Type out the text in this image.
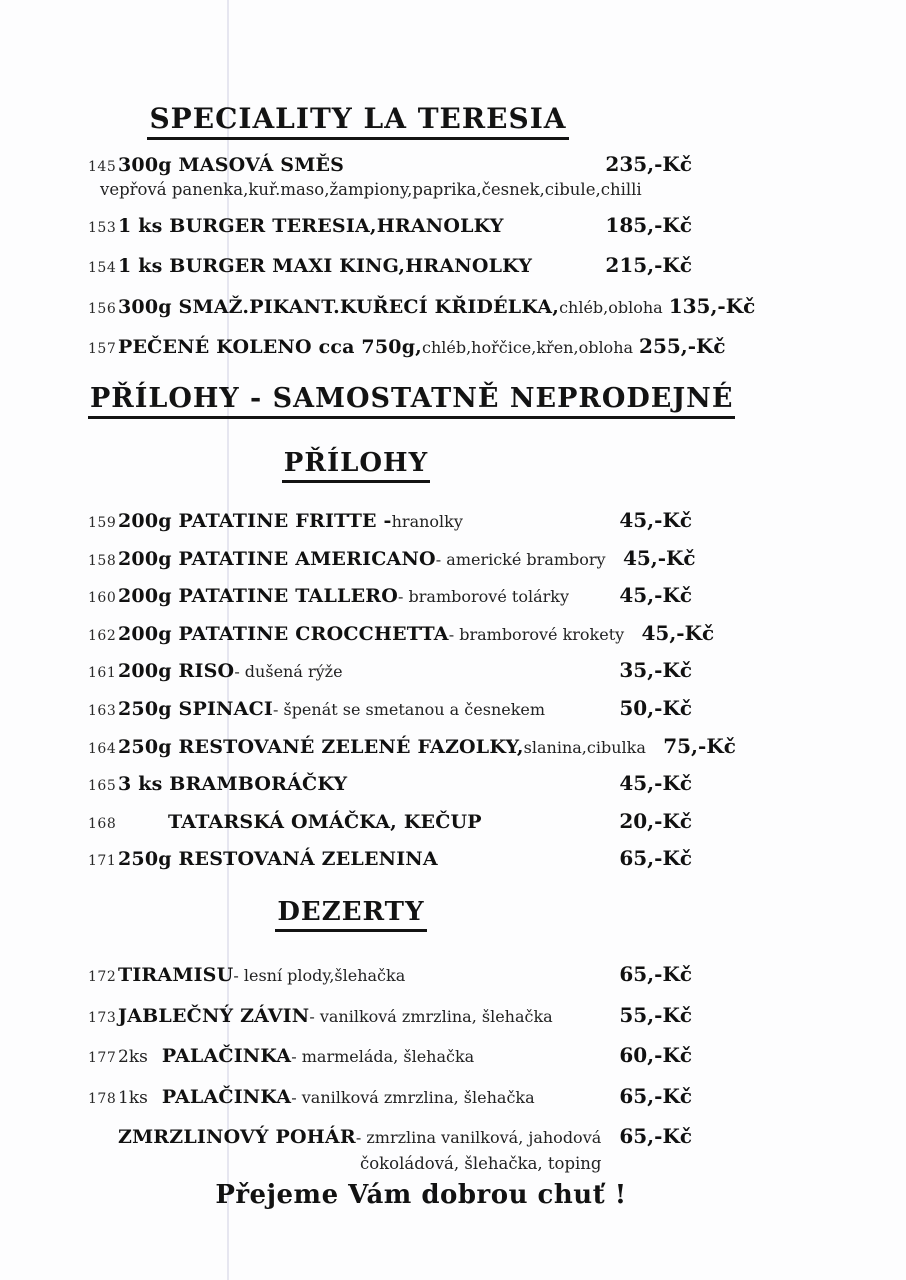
SPECIALITY LA TERESIA
145 300g MASOVÁ SMĚS	235,-Kč
vepřová panenka,kuř.maso,žampiony,paprika,česnek,cibule,chilli
153 1 ks BURGER TERESIA,HRANOLKY	185,-Kč
154 1 ks BURGER MAXI KING,HRANOLKY	215,-Kč
156 300g SMAŽ.PIKANT.KUŘECÍ KŘIDÉLKA, chléb,obloha 135,-Kč
157 PEČENÉ KOLENO cca 750g, chléb,hořčice,křen,obloha 255,-Kč
PŘÍLOHY - SAMOSTATNĚ NEPRODEJNÉ
PŘÍLOHY
159 200g PATATINE FRITTE - hranolky	45,-Kč
158 200g PATATINE AMERICANO - americké brambory 45,-Kč
160 200g PATATINE TALLERO - bramborové tolárky	45,-Kč
162 200g PATATINE CROCCHETTA - bramborové krokety 45,-Kč
161 200g RISO - dušená rýže	35,-Kč
163 250g SPINACI - špenát se smetanou a česnekem	50,-Kč
164 250g RESTOVANÉ ZELENÉ FAZOLKY, slanina,cibulka 75,-Kč
165 3 ks BRAMBORÁČKY	45,-Kč
168	TATARSKÁ OMÁČKA, KEČUP	20,-Kč
171 250g RESTOVANÁ ZELENINA	65,-Kč
DEZERTY
172 TIRAMISU - lesní plody,šlehačka	65,-Kč
173 JABLEČNÝ ZÁVIN - vanilková zmrzlina, šlehačka	55,-Kč
177 2ks PALAČINKA - marmeláda, šlehačka	60,-Kč
178 1ks PALAČINKA - vanilková zmrzlina, šlehačka	65,-Kč
ZMRZLINOVÝ POHÁR - zmrzlina vanilková, jahodová 65,-Kč
čokoládová, šlehačka, toping
Přejeme Vám dobrou chuť !
